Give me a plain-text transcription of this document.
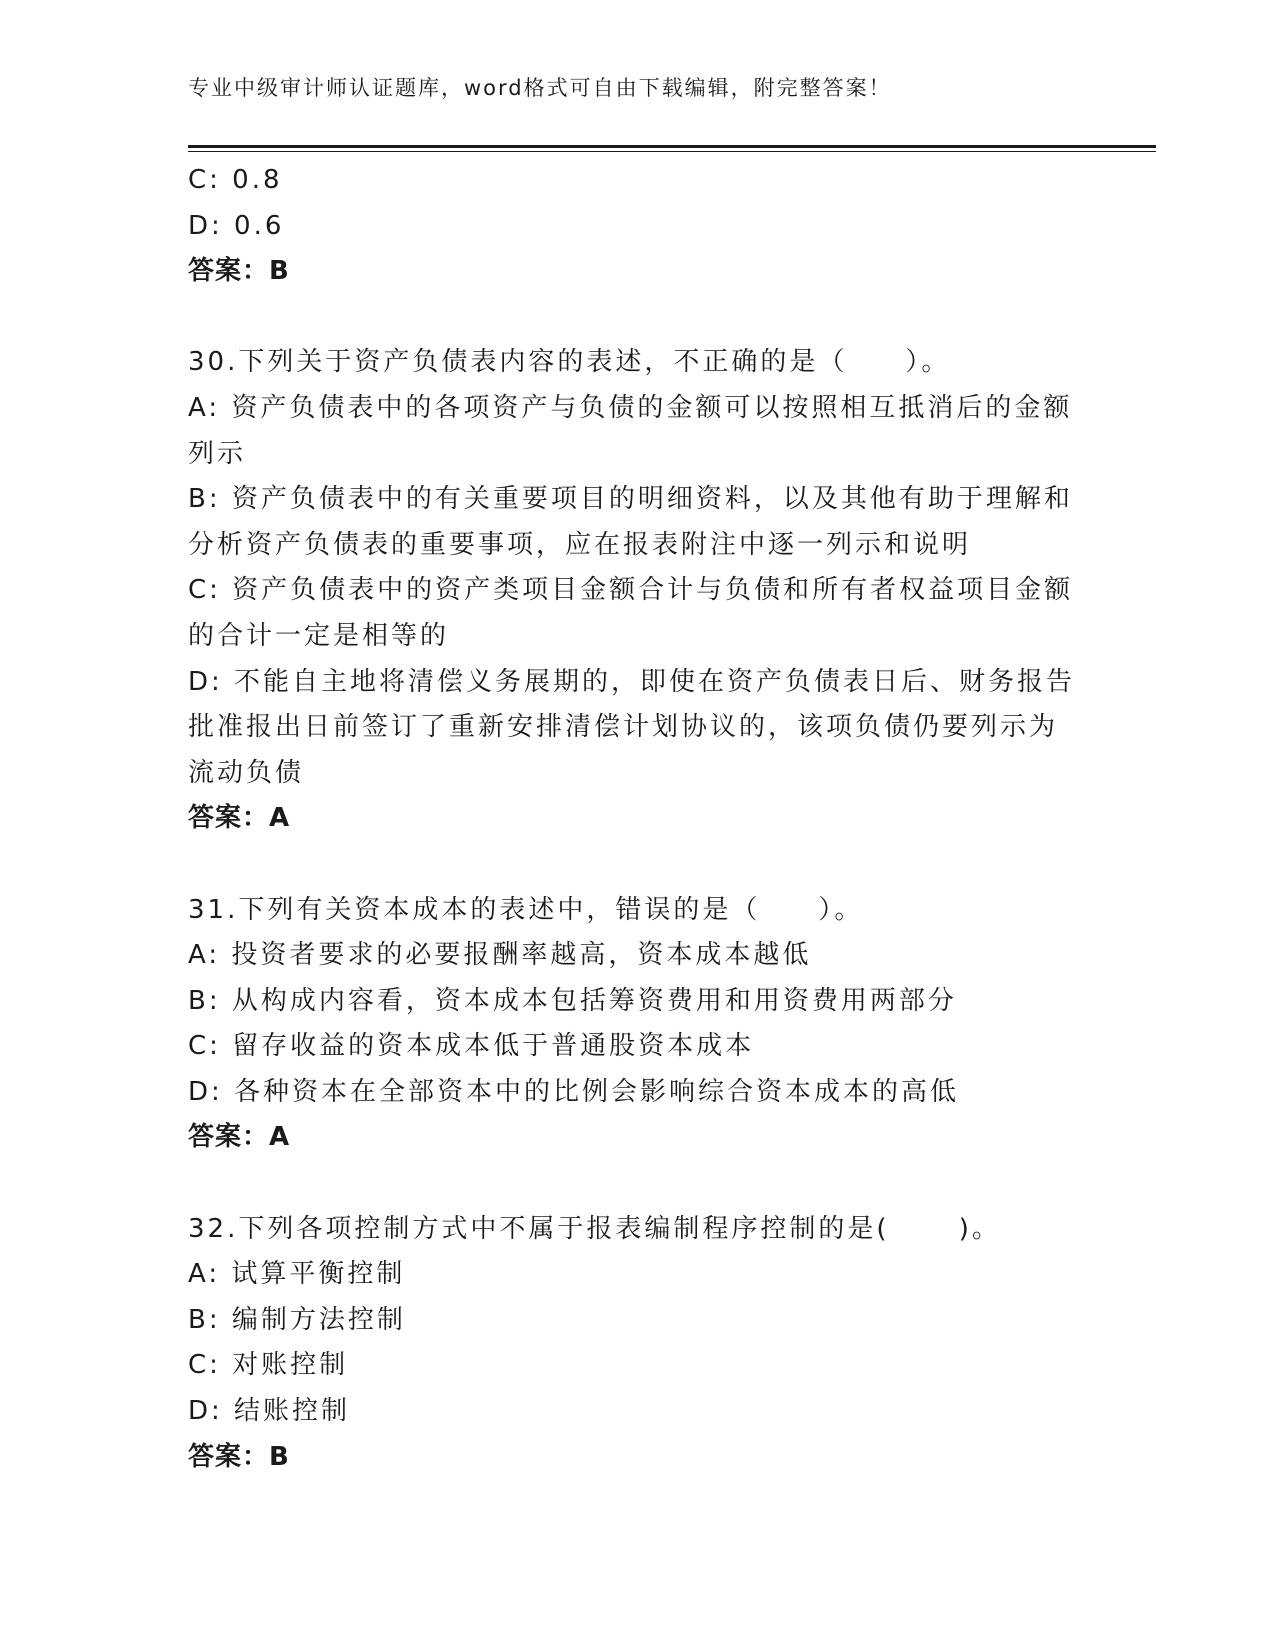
专业中级审计师认证题库，word格式可自由下载编辑，附完整答案！
C: 0.8
D: 0.6
答案：B
30.下列关于资产负债表内容的表述，不正确的是（　　）。
A: 资产负债表中的各项资产与负债的金额可以按照相互抵消后的金额
列示
B: 资产负债表中的有关重要项目的明细资料，以及其他有助于理解和
分析资产负债表的重要事项，应在报表附注中逐一列示和说明
C: 资产负债表中的资产类项目金额合计与负债和所有者权益项目金额
的合计一定是相等的
D: 不能自主地将清偿义务展期的，即使在资产负债表日后、财务报告
批准报出日前签订了重新安排清偿计划协议的，该项负债仍要列示为
流动负债
答案：A
31.下列有关资本成本的表述中，错误的是（　　）。
A: 投资者要求的必要报酬率越高，资本成本越低
B: 从构成内容看，资本成本包括筹资费用和用资费用两部分
C: 留存收益的资本成本低于普通股资本成本
D: 各种资本在全部资本中的比例会影响综合资本成本的高低
答案：A
32.下列各项控制方式中不属于报表编制程序控制的是(　　 )。
A: 试算平衡控制
B: 编制方法控制
C: 对账控制
D: 结账控制
答案：B
